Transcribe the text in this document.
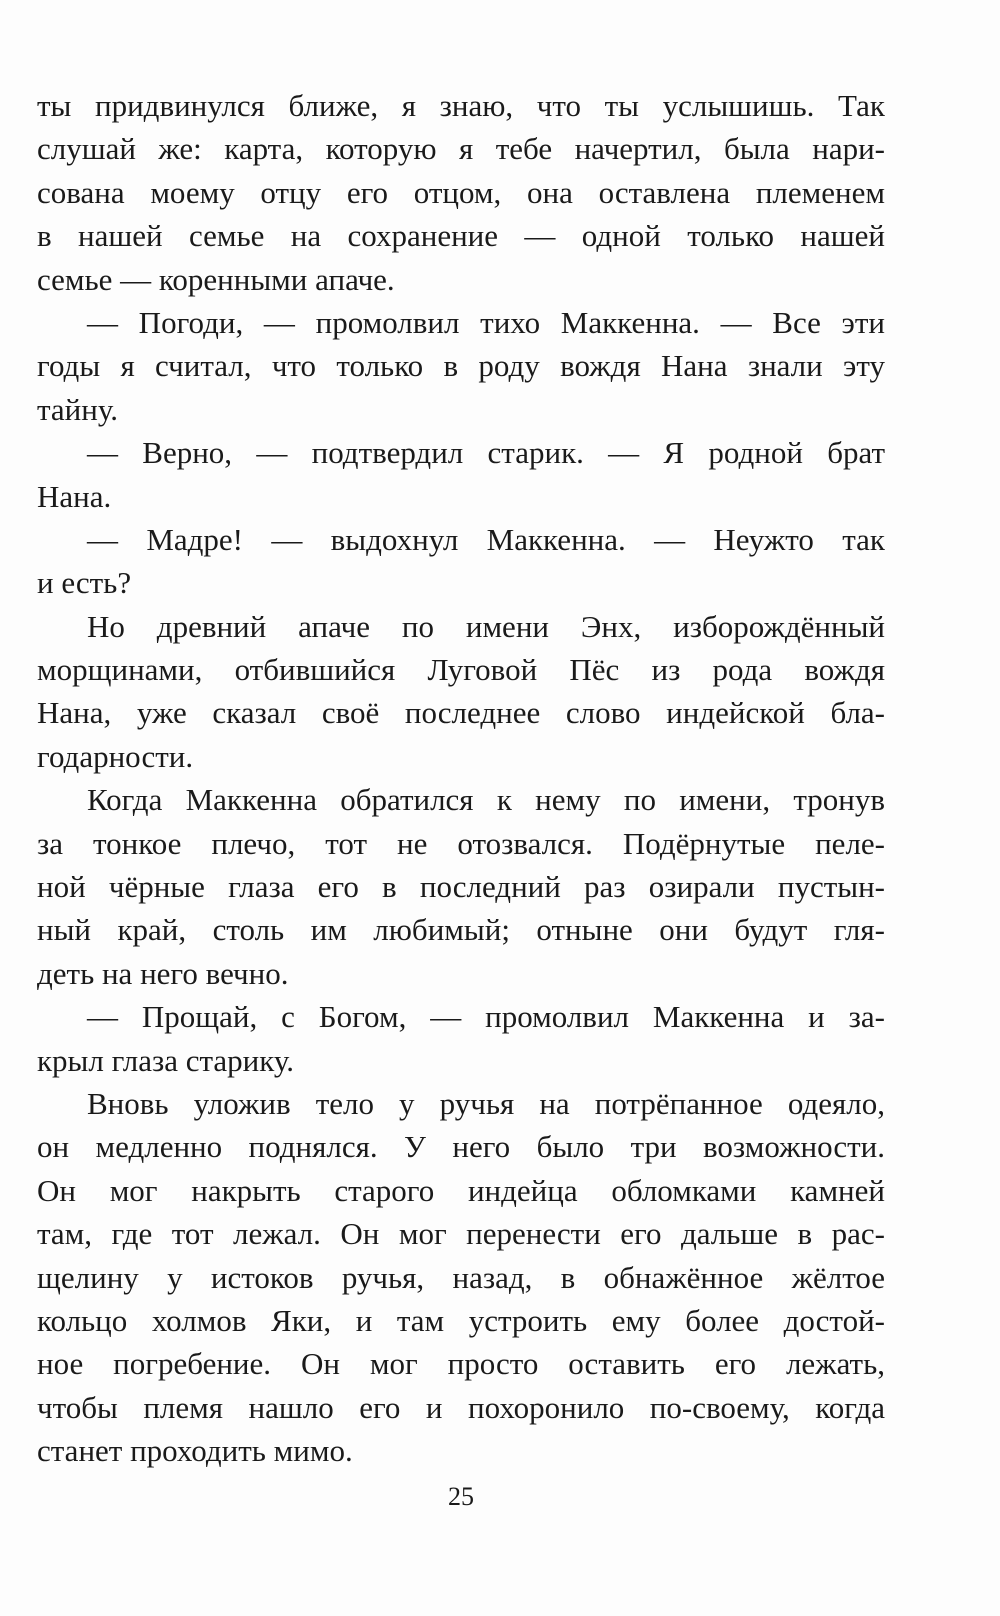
ты придвинулся ближе, я знаю, что ты услышишь. Так
слушай же: карта, которую я тебе начертил, была нари-
сована моему отцу его отцом, она оставлена племенем
в нашей семье на сохранение — одной только нашей
семье — коренными апаче.
— Погоди, — промолвил тихо Маккенна. — Все эти
годы я считал, что только в роду вождя Нана знали эту
тайну.
— Верно, — подтвердил старик. — Я родной брат
Нана.
— Мадре! — выдохнул Маккенна. — Неужто так
и есть?
Но древний апаче по имени Энх, изборождённый
морщинами, отбившийся Луговой Пёс из рода вождя
Нана, уже сказал своё последнее слово индейской бла-
годарности.
Когда Маккенна обратился к нему по имени, тронув
за тонкое плечо, тот не отозвался. Подёрнутые пеле-
ной чёрные глаза его в последний раз озирали пустын-
ный край, столь им любимый; отныне они будут гля-
деть на него вечно.
— Прощай, с Богом, — промолвил Маккенна и за-
крыл глаза старику.
Вновь уложив тело у ручья на потрёпанное одеяло,
он медленно поднялся. У него было три возможности.
Он мог накрыть старого индейца обломками камней
там, где тот лежал. Он мог перенести его дальше в рас-
щелину у истоков ручья, назад, в обнажённое жёлтое
кольцо холмов Яки, и там устроить ему более достой-
ное погребение. Он мог просто оставить его лежать,
чтобы племя нашло его и похоронило по-своему, когда
станет проходить мимо.
25
